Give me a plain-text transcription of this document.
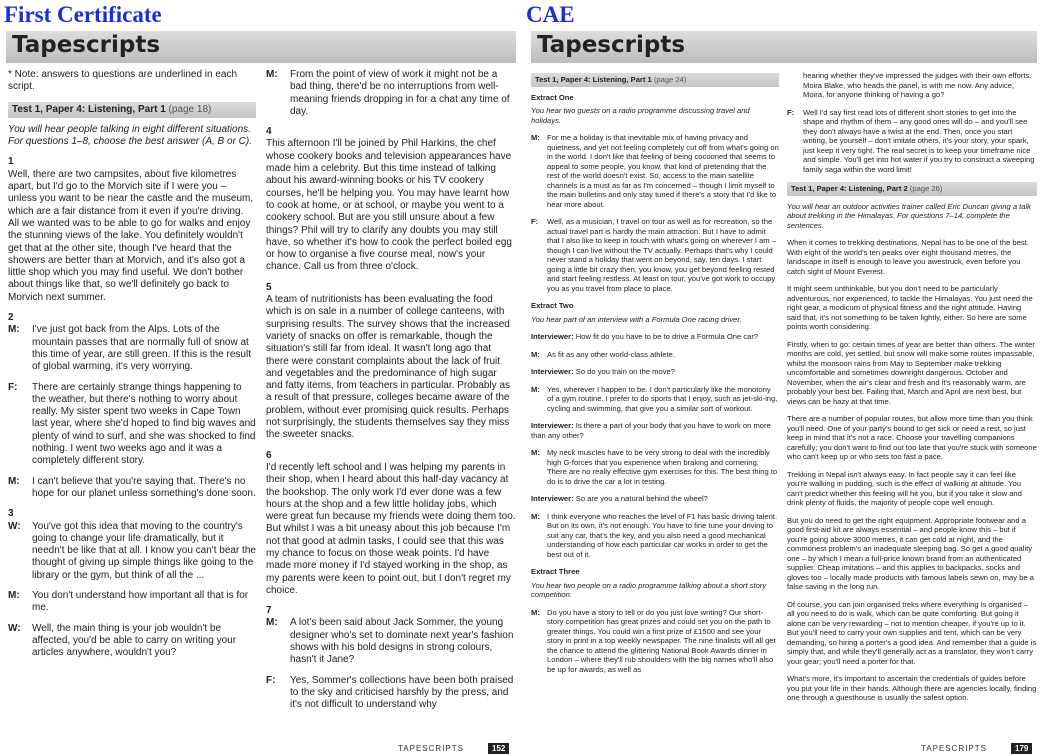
First Certificate	CAE
Tapescripts

* Note: answers to questions are underlined in each script.

Test 1, Paper 4: Listening, Part 1 (page 18)

You will hear people talking in eight different situations. For questions 1–8, choose the best answer (A, B or C).

1

Well, there are two campsites, about five kilometres apart, but I'd go to the Morvich site if I were you – unless you want to be near the castle and the museum, which are a fair distance from it even if you're driving. All we wanted was to be able to go for walks and enjoy the stunning views of the lake. You definitely wouldn't get that at the other site, though I've heard that the showers are better than at Morvich, and it's also got a little shop which you may find useful. We don't bother about things like that, so we'll definitely go back to Morvich next summer.

2
M:	I've just got back from the Alps. Lots of the mountain passes that are normally full of snow at this time of year, are still green. If this is the result of global warming, it's very worrying.
F:	There are certainly strange things happening to the weather, but there's nothing to worry about really. My sister spent two weeks in Cape Town last year, where she'd hoped to find big waves and plenty of wind to surf, and she was shocked to find nothing. I went two weeks ago and it was a completely different story.
M:	I can't believe that you're saying that. There's no hope for our planet unless something's done soon.
3
W:	You've got this idea that moving to the country's going to change your life dramatically, but it needn't be like that at all. I know you can't bear the thought of giving up simple things like going to the library or the gym, but think of all the ...
M:	You don't understand how important all that is for me.
W:	Well, the main thing is your job wouldn't be affected, you'd be able to carry on writing your articles anywhere, wouldn't you?
M:	From the point of view of work it might not be a bad thing, there'd be no interruptions from well-meaning friends dropping in for a chat any time of day.
4

This afternoon I'll be joined by Phil Harkins, the chef whose cookery books and television appearances have made him a celebrity. But this time instead of talking about his award-winning books or his TV cookery courses, he'll be helping you. You may have learnt how to cook at home, or at school, or maybe you went to a cookery school. But are you still unsure about a few things? Phil will try to clarify any doubts you may still have, so whether it's how to cook the perfect boiled egg or how to organise a five course meal, now's your chance. Call us from three o'clock.

5

A team of nutritionists has been evaluating the food which is on sale in a number of college canteens, with surprising results. The survey shows that the increased variety of snacks on offer is remarkable, though the situation's still far from ideal. It wasn't long ago that there were constant complaints about the lack of fruit and vegetables and the predominance of high sugar and fatty items, from teachers in particular. Probably as a result of that pressure, colleges became aware of the problem, without ever promising quick results. Perhaps not surprisingly, the students themselves say they miss the sweeter snacks.

6

I'd recently left school and I was helping my parents in their shop, when I heard about this half-day vacancy at the bookshop. The only work I'd ever done was a few hours at the shop and a few little holiday jobs, which were great fun because my friends were doing them too. But whilst I was a bit uneasy about this job because I'm not that good at admin tasks, I could see that this was my chance to focus on those weak points. I'd have made more money if I'd stayed working in the shop, as my parents were keen to point out, but I don't regret my choice.

7
M:	A lot's been said about Jack Sommer, the young designer who's set to dominate next year's fashion shows with his bold designs in strong colours, hasn't it Jane?
F:	Yes, Sommer's collections have been both praised to the sky and criticised harshly by the press, and it's not difficult to understand why
TAPESCRIPTS	152
Tapescripts
Test 1, Paper 4: Listening, Part 1 (page 24)
Extract One

You hear two guests on a radio programme discussing travel and holidays.

M: For me a holiday is that inevitable mix of having privacy and quietness, and yet not feeling completely cut off from what's going on in the world. I don't like that feeling of being cocooned that seems to appeal to some people, you know, that kind of pretending that the rest of the world doesn't exist. So, access to the main satellite channels is a must as far as I'm concerned – though I limit myself to the main bulletins and only stay tuned if there's a story that I'd like to hear more about.
F:	Well, as a musician, I travel on tour as well as for recreation, so the actual travel part is hardly the main attraction. But I have to admit that I also like to keep in touch with what's going on wherever I am – though I can live without the TV actually. Perhaps that's why I could never stand a holiday that went on beyond, say, ten days. I start going a little bit crazy then, you know, you get beyond feeling rested and start feeling restless. At least on tour, you've got work to occupy you as you travel from place to place.
Extract Two

You hear part of an interview with a Formula One racing driver.

Interviewer: How fit do you have to be to drive a Formula One car?

M: As fit as any other world-class athlete.

Interviewer: So do you train on the move?

M: Yes, wherever I happen to be. I don't particularly like the monotony of a gym routine. I prefer to do sports that I enjoy, such as jet-ski-ing, cycling and swimming, that give you a similar sort of workout.

Interviewer: Is there a part of your body that you have to work on more than any other?

M: My neck muscles have to be very strong to deal with the incredibly high G-forces that you experience when braking and cornering. There are no really effective gym exercises for this. The best thing to do is to drive the car a lot in testing.

Interviewer: So are you a natural behind the wheel?

M: I think everyone who reaches the level of F1 has basic driving talent. But on its own, it's not enough. You have to fine tune your driving to suit any car, that's the key, and you also need a good mechanical understanding of how each particular car works in order to get the best out of it.
Extract Three

You hear two people on a radio programme talking about a short story competition.

M: Do you have a story to tell or do you just love writing? Our short-story competition has great prizes and could set you on the path to greater things. You could win a first prize of £1500 and see your story in print in a top weekly newspaper. The nine finalists will all get the chance to attend the glittering National Book Awards dinner in London – where they'll rub shoulders with the big names who'll also be up for awards, as well as

hearing whether they've impressed the judges with their own efforts. Moira Blake, who heads the panel, is with me now. Any advice, Moira, for anyone thinking of having a go?

F:	Well I'd say first read lots of different short stories to get into the shape and rhythm of them – any good ones will do – and you'll see they don't always have a twist at the end. Then, once you start writing, be yourself – don't imitate others, it's your story, your spark, just keep it very tight. The real secret is to keep your timeframe nice and simple. You'll get into hot water if you try to construct a sweeping family saga within the word limit!
Test 1, Paper 4: Listening, Part 2 (page 26)

You will hear an outdoor activities trainer called Eric Duncan giving a talk about trekking in the Himalayas. For questions 7–14, complete the sentences.

When it comes to trekking destinations, Nepal has to be one of the best. With eight of the world's ten peaks over eight thousand metres, the landscape in itself is enough to leave you awestruck, even before you catch sight of Mount Everest.

It might seem unthinkable, but you don't need to be particularly adventurous, nor experienced, to tackle the Himalayas. You just need the right gear, a modicum of physical fitness and the right attitude. Having said that, it's not something to be taken lightly, either. So here are some points worth considering.

Firstly, when to go: certain times of year are better than others. The winter months are cold, yet settled, but snow will make some routes impassable, whilst the monsoon rains from May to September make trekking uncomfortable and sometimes downright dangerous. October and November, when the air's clear and fresh and it's reasonably warm, are probably your best bet. Failing that, March and April are next best, but views can be hazy at that time.

There are a number of popular routes, but allow more time than you think you'll need. One of your party's bound to get sick or need a rest, so just keep in mind that it's not a race. Choose your travelling companions carefully; you don't want to find out too late that you're stuck with someone who can't keep up or who sets too fast a pace.

Trekking in Nepal isn't always easy. In fact people say it can feel like you're walking in pudding, such is the effect of walking at altitude. You can't predict whether this feeling will hit you, but if you take it slow and drink plenty of fluids, the majority of people cope well enough.

But you do need to get the right equipment. Appropriate footwear and a good first-aid kit are always essential – and people know this – but if you're going above 3000 metres, it can get cold at night, and the commonest problem's an inadequate sleeping bag. So get a good quality one – by which I mean a full-price known brand from an authenticated supplier. Cheap imitations – and this applies to backpacks, socks and gloves too – locally made products with famous labels sewn on, may be a false saving in the long run.

Of course, you can join organised treks where everything is organised – all you need to do is walk, which can be quite comforting. But going it alone can be very rewarding – not to mention cheaper, if you're up to it. But you'll need to carry your own supplies and tent, which can be very demanding, so hiring a porter's a good idea. And remember that a guide is simply that, and while they'll generally act as a translator, they won't carry your gear; you'll need a porter for that.

What's more, it's important to ascertain the credentials of guides before you put your life in their hands. Although there are agencies locally, finding one through a guesthouse is usually the safest option.

TAPESCRIPTS	179
